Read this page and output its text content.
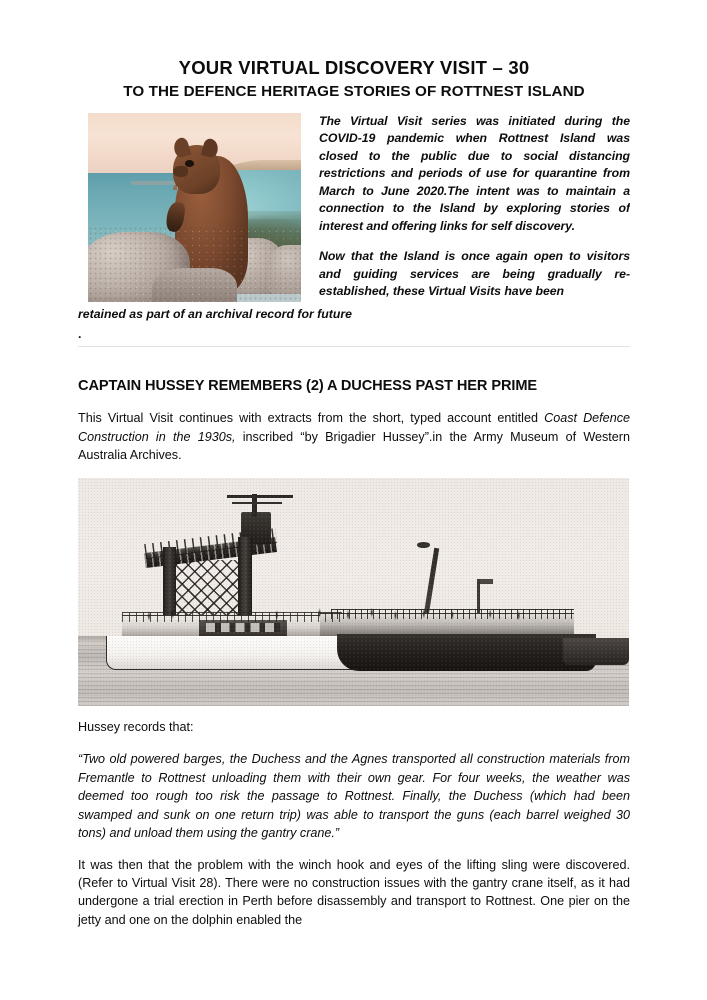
YOUR VIRTUAL DISCOVERY VISIT – 30
TO THE DEFENCE HERITAGE STORIES OF ROTTNEST ISLAND

The Virtual Visit series was initiated during the COVID-19 pandemic when Rottnest Island was closed to the public due to social distancing restrictions and periods of use for quarantine from March to June 2020.The intent was to maintain a connection to the Island by exploring stories of interest and offering links for self discovery.

Now that the Island is once again open to visitors and guiding services are being gradually re-established, these Virtual Visits have been

retained as part of an archival record for future

.

CAPTAIN HUSSEY REMEMBERS (2) A DUCHESS PAST HER PRIME

This Virtual Visit continues with extracts from the short, typed account entitled Coast Defence Construction in the 1930s, inscribed “by Brigadier Hussey”.in the Army Museum of Western Australia Archives.

Hussey records that:

“Two old powered barges, the Duchess and the Agnes transported all construction materials from Fremantle to Rottnest unloading them with their own gear. For four weeks, the weather was deemed too rough too risk the passage to Rottnest. Finally, the Duchess (which had been swamped and sunk on one return trip) was able to transport the guns (each barrel weighed 30 tons) and unload them using the gantry crane.”

It was then that the problem with the winch hook and eyes of the lifting sling were discovered. (Refer to Virtual Visit 28). There were no construction issues with the gantry crane itself, as it had undergone a trial erection in Perth before disassembly and transport to Rottnest. One pier on the jetty and one on the dolphin enabled the
